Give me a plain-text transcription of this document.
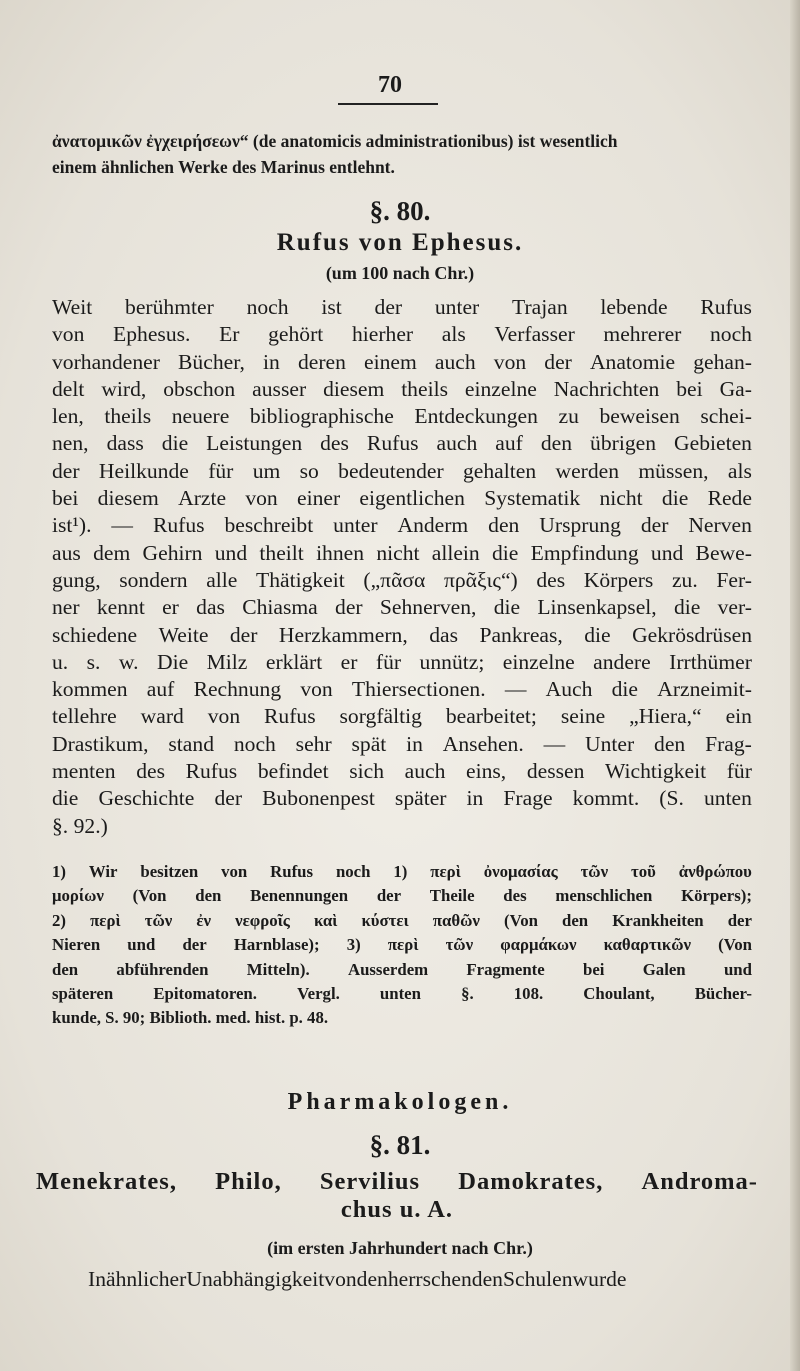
70
ἀνατομικῶν ἐγχειρήσεων“ (de anatomicis administrationibus) ist wesentlich
einem ähnlichen Werke des Marinus entlehnt.
§. 80.
Rufus von Ephesus.
(um 100 nach Chr.)
Weit berühmter noch ist der unter Trajan lebende Rufus
von Ephesus. Er gehört hierher als Verfasser mehrerer noch
vorhandener Bücher, in deren einem auch von der Anatomie gehan-
delt wird, obschon ausser diesem theils einzelne Nachrichten bei Ga-
len, theils neuere bibliographische Entdeckungen zu beweisen schei-
nen, dass die Leistungen des Rufus auch auf den übrigen Gebieten
der Heilkunde für um so bedeutender gehalten werden müssen, als
bei diesem Arzte von einer eigentlichen Systematik nicht die Rede
ist¹). — Rufus beschreibt unter Anderm den Ursprung der Nerven
aus dem Gehirn und theilt ihnen nicht allein die Empfindung und Bewe-
gung, sondern alle Thätigkeit („πᾶσα πρᾶξις“) des Körpers zu. Fer-
ner kennt er das Chiasma der Sehnerven, die Linsenkapsel, die ver-
schiedene Weite der Herzkammern, das Pankreas, die Gekrösdrüsen
u. s. w. Die Milz erklärt er für unnütz; einzelne andere Irrthümer
kommen auf Rechnung von Thiersectionen. — Auch die Arzneimit-
tellehre ward von Rufus sorgfältig bearbeitet; seine „Hiera,“ ein
Drastikum, stand noch sehr spät in Ansehen. — Unter den Frag-
menten des Rufus befindet sich auch eins, dessen Wichtigkeit für
die Geschichte der Bubonenpest später in Frage kommt. (S. unten
§. 92.)
1) Wir besitzen von Rufus noch 1) περὶ ὀνομασίας τῶν τοῦ ἀνθρώπου
μορίων (Von den Benennungen der Theile des menschlichen Körpers);
2) περὶ τῶν ἐν νεφροῖς καὶ κύστει παθῶν (Von den Krankheiten der
Nieren und der Harnblase); 3) περὶ τῶν φαρμάκων καθαρτικῶν (Von
den abführenden Mitteln). Ausserdem Fragmente bei Galen und
späteren Epitomatoren. Vergl. unten §. 108. Choulant, Bücher-
kunde, S. 90; Biblioth. med. hist. p. 48.
Pharmakologen.
§. 81.
Menekrates, Philo, Servilius Damokrates, Androma-
chus u. A.
(im ersten Jahrhundert nach Chr.)
InähnlicherUnabhängigkeitvondenherrschendenSchulenwurde
